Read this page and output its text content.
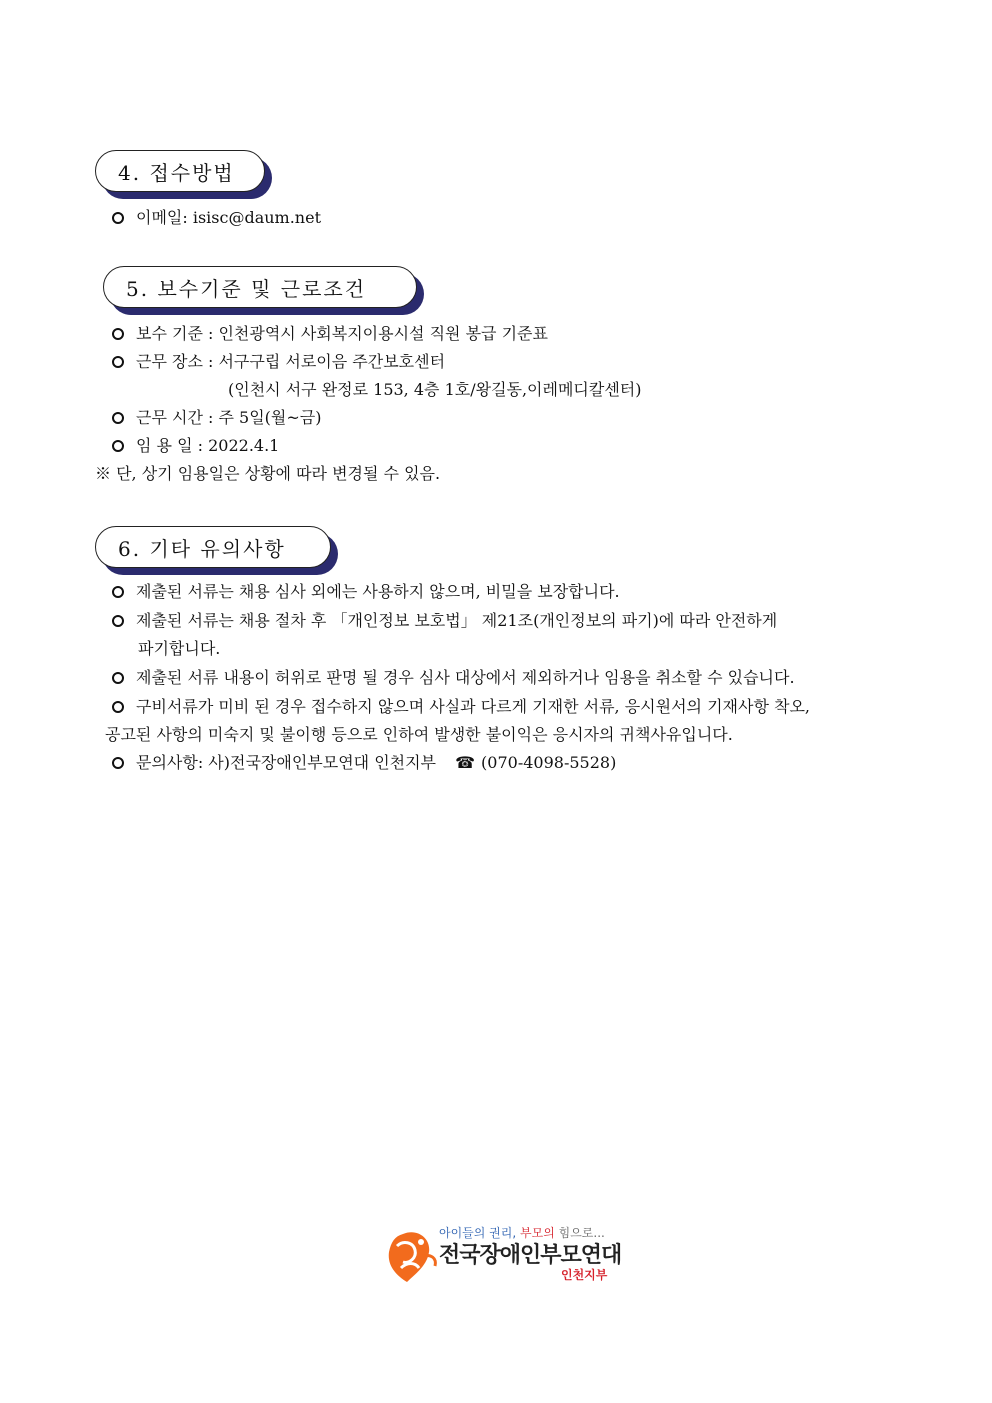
4. 접수방법
이메일: isisc@daum.net
5. 보수기준 및 근로조건
보수 기준 : 인천광역시 사회복지이용시설 직원 봉급 기준표
근무 장소 : 서구구립 서로이음 주간보호센터
(인천시 서구 완정로 153, 4층 1호/왕길동,이레메디칼센터)
근무 시간 : 주 5일(월~금)
임 용 일 : 2022.4.1
※ 단, 상기 임용일은 상황에 따라 변경될 수 있음.
6. 기타 유의사항
제출된 서류는 채용 심사 외에는 사용하지 않으며, 비밀을 보장합니다.
제출된 서류는 채용 절차 후 「개인정보 보호법」 제21조(개인정보의 파기)에 따라 안전하게
파기합니다.
제출된 서류 내용이 허위로 판명 될 경우 심사 대상에서 제외하거나 임용을 취소할 수 있습니다.
구비서류가 미비 된 경우 접수하지 않으며 사실과 다르게 기재한 서류, 응시원서의 기재사항 착오,
공고된 사항의 미숙지 및 불이행 등으로 인하여 발생한 불이익은 응시자의 귀책사유입니다.
문의사항: 사)전국장애인부모연대 인천지부 ☎ (070-4098-5528)
아이들의 권리, 부모의 힘으로...
전국장애인부모연대
인천지부
